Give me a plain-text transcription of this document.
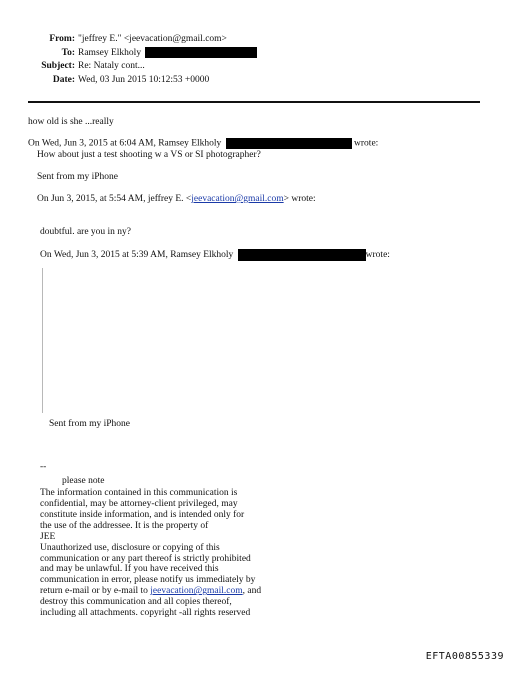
From: "jeffrey E." <jeevacation@gmail.com>
To: Ramsey Elkholy
Subject: Re: Nataly cont...
Date: Wed, 03 Jun 2015 10:12:53 +0000
how old is she ...really
On Wed, Jun 3, 2015 at 6:04 AM, Ramsey Elkholy	wrote:
How about just a test shooting w a VS or SI photographer?
Sent from my iPhone
On Jun 3, 2015, at 5:54 AM, jeffrey E. <jeevacation@gmail.com> wrote:
doubtful. are you in ny?
On Wed, Jun 3, 2015 at 5:39 AM, Ramsey Elkholy	wrote:
Sent from my iPhone
--
please note
The information contained in this communication is
confidential, may be attorney-client privileged, may
constitute inside information, and is intended only for
the use of the addressee. It is the property of
JEE
Unauthorized use, disclosure or copying of this
communication or any part thereof is strictly prohibited
and may be unlawful. If you have received this
communication in error, please notify us immediately by
return e-mail or by e-mail to jeevacation@gmail.com, and
destroy this communication and all copies thereof,
including all attachments. copyright -all rights reserved
EFTA00855339
